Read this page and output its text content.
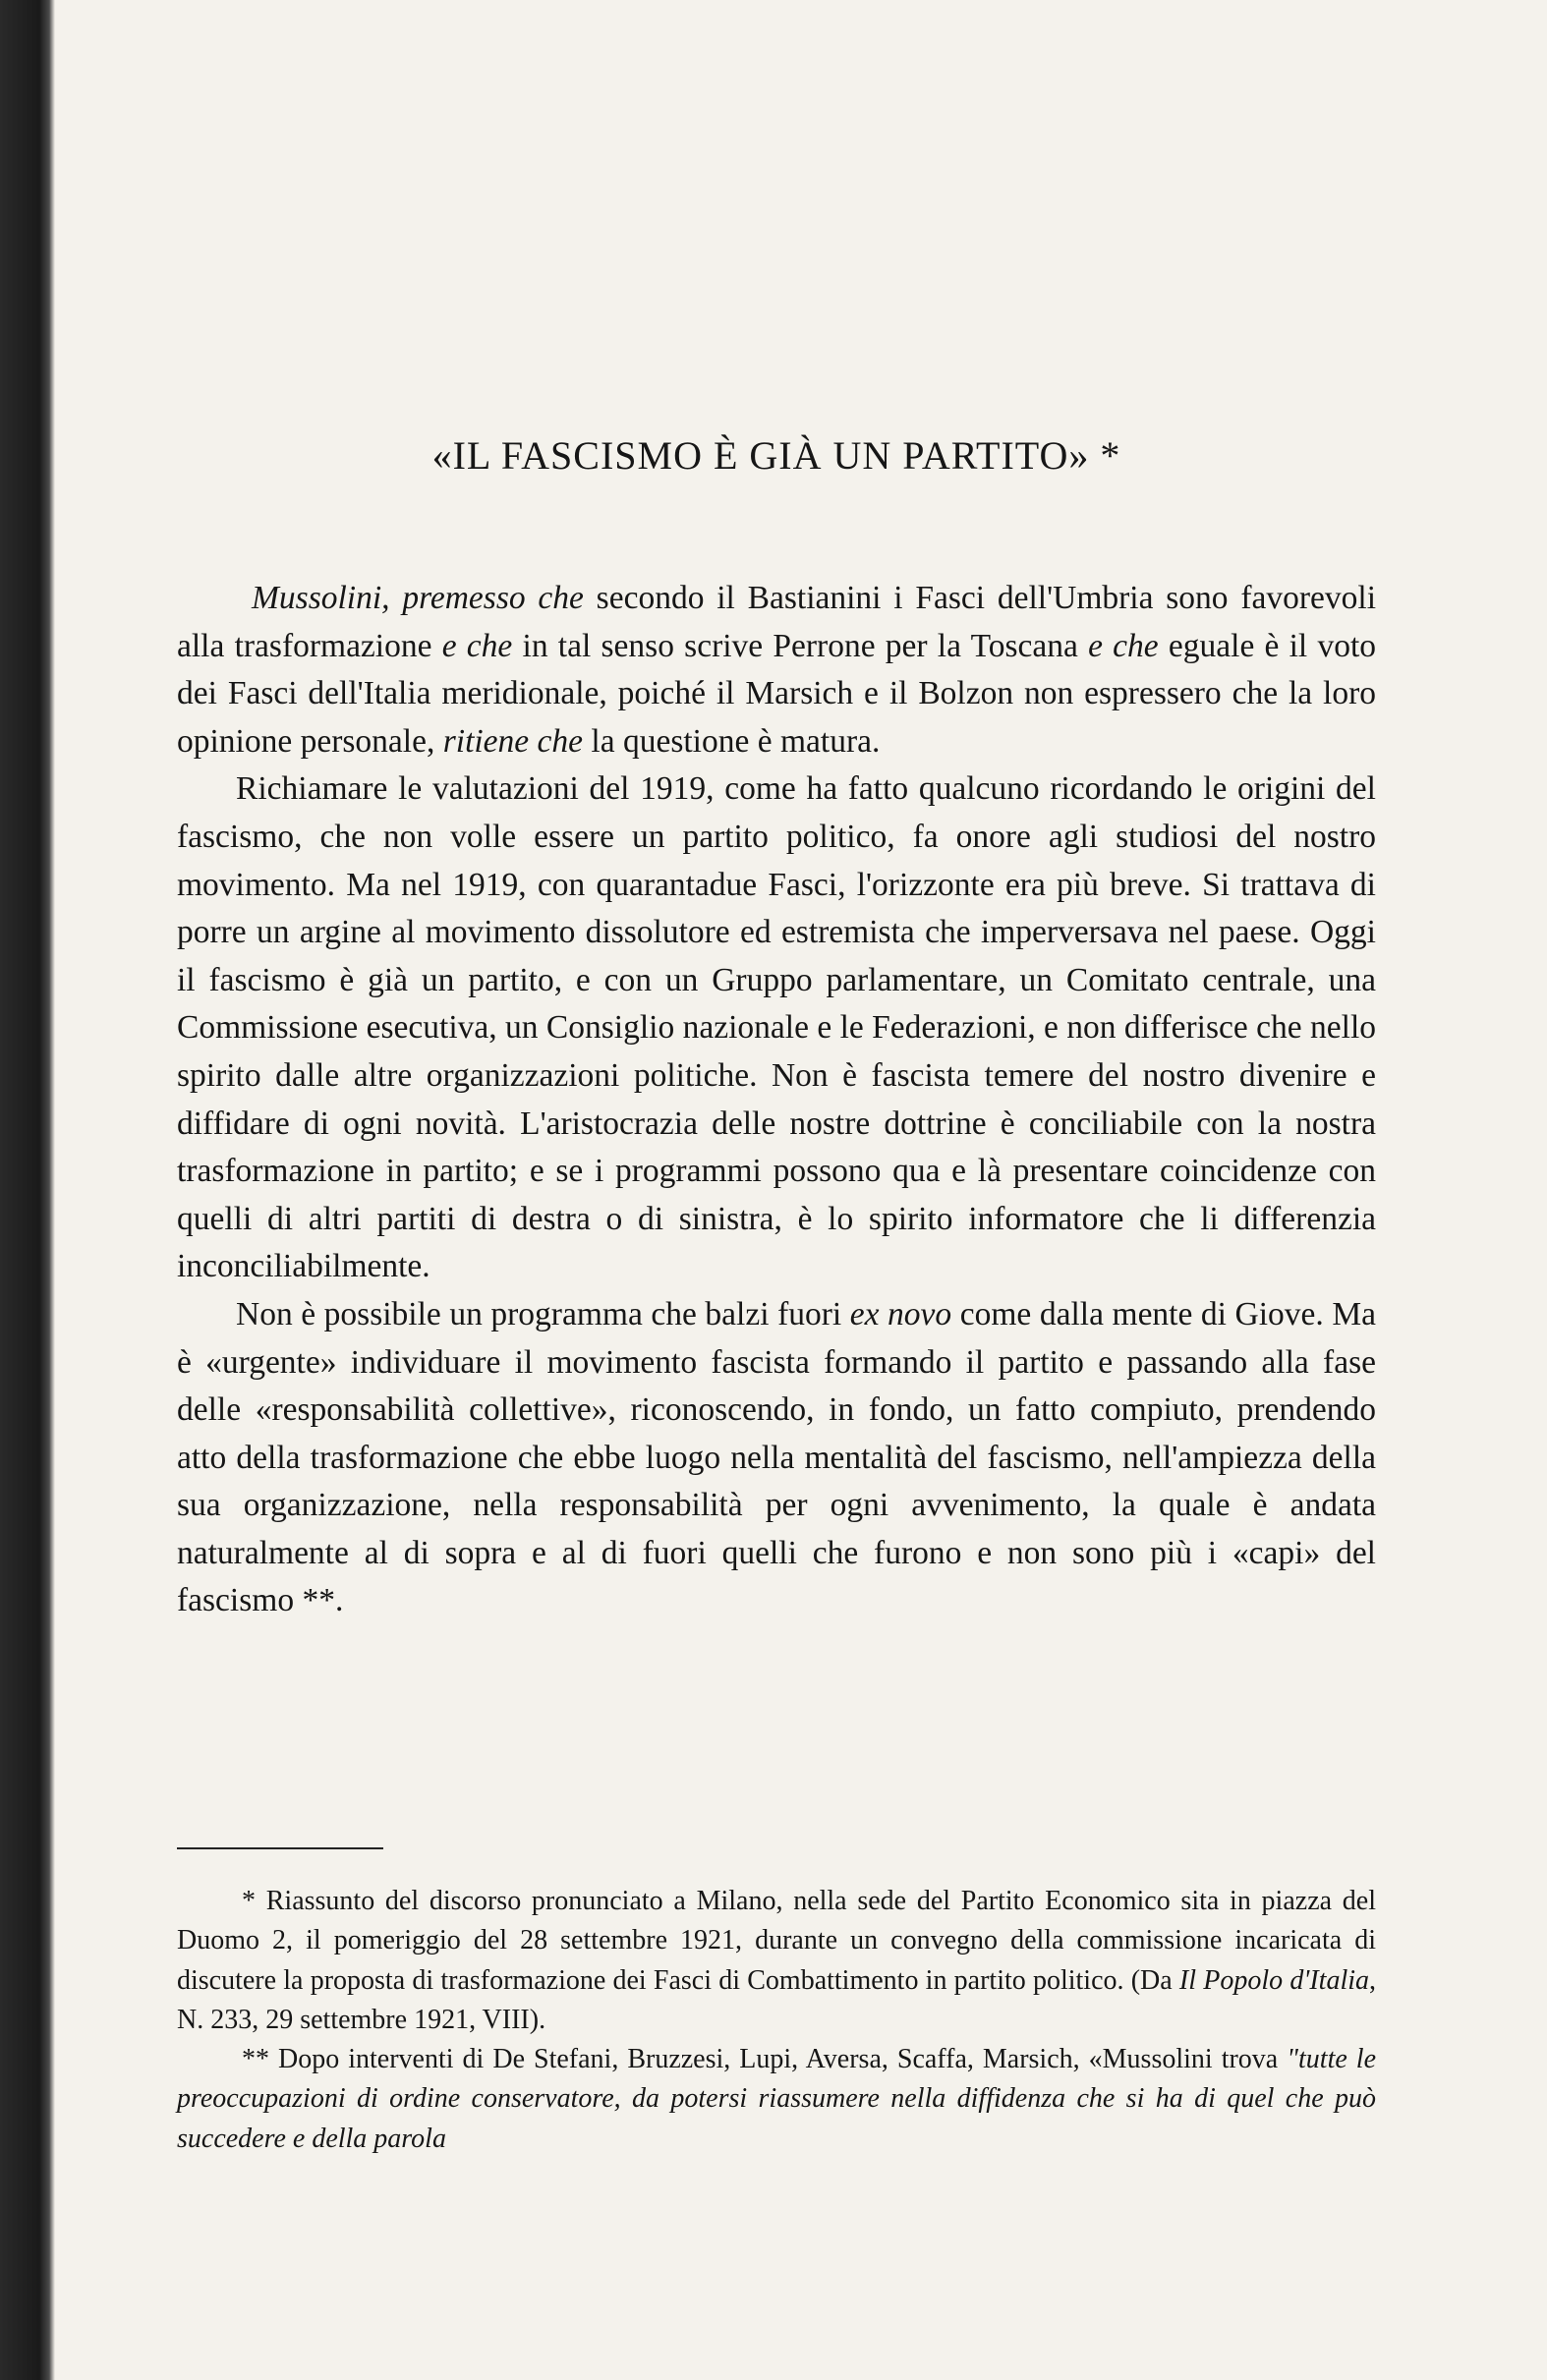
«IL FASCISMO È GIÀ UN PARTITO» *

Mussolini, premesso che secondo il Bastianini i Fasci dell'Umbria sono favorevoli alla trasformazione e che in tal senso scrive Perrone per la Toscana e che eguale è il voto dei Fasci dell'Italia meridionale, poiché il Marsich e il Bolzon non espressero che la loro opinione personale, ritiene che la questione è matura.

Richiamare le valutazioni del 1919, come ha fatto qualcuno ricordando le origini del fascismo, che non volle essere un partito politico, fa onore agli studiosi del nostro movimento. Ma nel 1919, con quarantadue Fasci, l'orizzonte era più breve. Si trattava di porre un argine al movimento dissolutore ed estremista che imperversava nel paese. Oggi il fascismo è già un partito, e con un Gruppo parlamentare, un Comitato centrale, una Commissione esecutiva, un Consiglio nazionale e le Federazioni, e non differisce che nello spirito dalle altre organizzazioni politiche. Non è fascista temere del nostro divenire e diffidare di ogni novità. L'aristocrazia delle nostre dottrine è conciliabile con la nostra trasformazione in partito; e se i programmi possono qua e là presentare coincidenze con quelli di altri partiti di destra o di sinistra, è lo spirito informatore che li differenzia inconciliabilmente.

Non è possibile un programma che balzi fuori ex novo come dalla mente di Giove. Ma è «urgente» individuare il movimento fascista formando il partito e passando alla fase delle «responsabilità collettive», riconoscendo, in fondo, un fatto compiuto, prendendo atto della trasformazione che ebbe luogo nella mentalità del fascismo, nell'ampiezza della sua organizzazione, nella responsabilità per ogni avvenimento, la quale è andata naturalmente al di sopra e al di fuori quelli che furono e non sono più i «capi» del fascismo **.

* Riassunto del discorso pronunciato a Milano, nella sede del Partito Economico sita in piazza del Duomo 2, il pomeriggio del 28 settembre 1921, durante un convegno della commissione incaricata di discutere la proposta di trasformazione dei Fasci di Combattimento in partito politico. (Da Il Popolo d'Italia, N. 233, 29 settembre 1921, VIII).

** Dopo interventi di De Stefani, Bruzzesi, Lupi, Aversa, Scaffa, Marsich, «Mussolini trova "tutte le preoccupazioni di ordine conservatore, da potersi riassumere nella diffidenza che si ha di quel che può succedere e della parola
